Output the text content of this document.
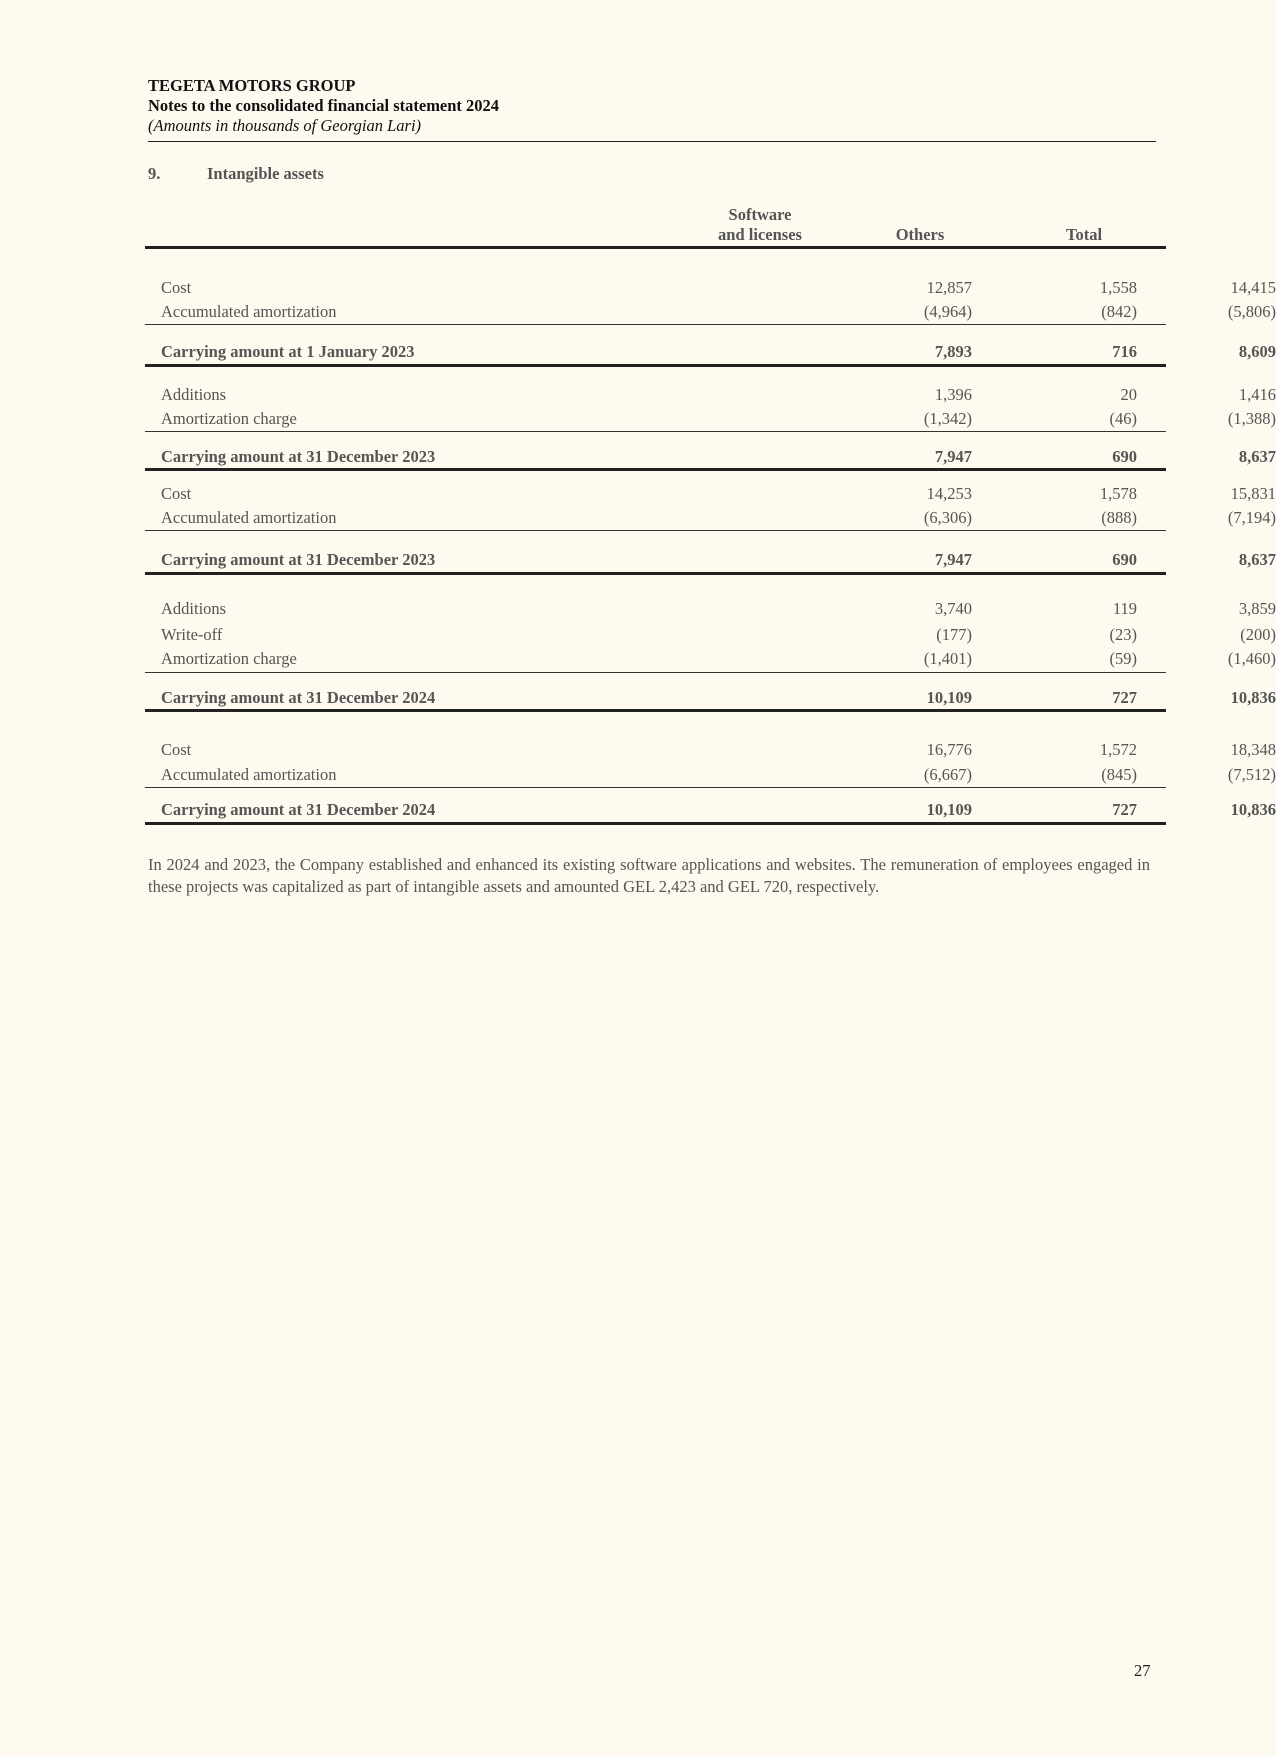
TEGETA MOTORS GROUP
Notes to the consolidated financial statement 2024
(Amounts in thousands of Georgian Lari)
9.	Intangible assets
Software
and licenses	Others	Total
Cost	12,857	1,558	14,415
Accumulated amortization	(4,964)	(842)	(5,806)
Carrying amount at 1 January 2023	7,893	716	8,609
Additions	1,396	20	1,416
Amortization charge	(1,342)	(46)	(1,388)
Carrying amount at 31 December 2023	7,947	690	8,637
Cost	14,253	1,578	15,831
Accumulated amortization	(6,306)	(888)	(7,194)
Carrying amount at 31 December 2023	7,947	690	8,637
Additions	3,740	119	3,859
Write-off	(177)	(23)	(200)
Amortization charge	(1,401)	(59)	(1,460)
Carrying amount at 31 December 2024	10,109	727	10,836
Cost	16,776	1,572	18,348
Accumulated amortization	(6,667)	(845)	(7,512)
Carrying amount at 31 December 2024	10,109	727	10,836
In 2024 and 2023, the Company established and enhanced its existing software applications and websites. The remuneration of employees engaged in these projects was capitalized as part of intangible assets and amounted GEL 2,423 and GEL 720, respectively.
27
